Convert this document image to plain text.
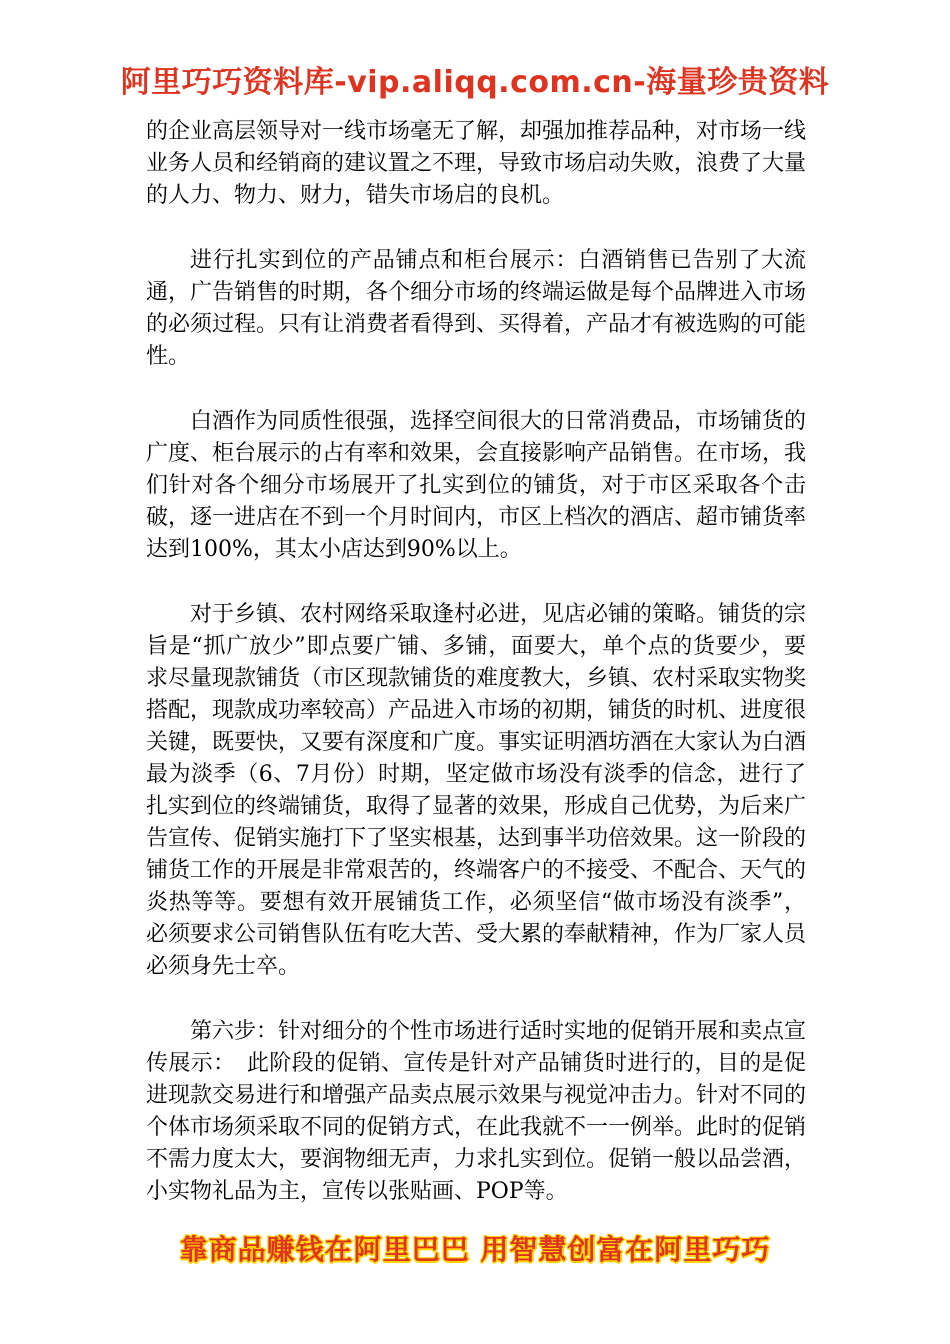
阿里巧巧资料库-vip.aliqq.com.cn-海量珍贵资料

的企业高层领导对一线市场毫无了解，却强加推荐品种，对市场一线业务人员和经销商的建议置之不理，导致市场启动失败，浪费了大量的人力、物力、财力，错失市场启的良机。

进行扎实到位的产品铺点和柜台展示：白酒销售已告别了大流通，广告销售的时期，各个细分市场的终端运做是每个品牌进入市场的必须过程。只有让消费者看得到、买得着，产品才有被选购的可能性。

白酒作为同质性很强，选择空间很大的日常消费品，市场铺货的广度、柜台展示的占有率和效果，会直接影响产品销售。在市场，我们针对各个细分市场展开了扎实到位的铺货，对于市区采取各个击破，逐一进店在不到一个月时间内，市区上档次的酒店、超市铺货率达到100%，其太小店达到90%以上。

对于乡镇、农村网络采取逢村必进，见店必铺的策略。铺货的宗旨是“抓广放少”即点要广铺、多铺，面要大，单个点的货要少，要求尽量现款铺货（市区现款铺货的难度教大，乡镇、农村采取实物奖搭配，现款成功率较高）产品进入市场的初期，铺货的时机、进度很关键，既要快，又要有深度和广度。事实证明酒坊酒在大家认为白酒最为淡季（6、7月份）时期，坚定做市场没有淡季的信念，进行了扎实到位的终端铺货，取得了显著的效果，形成自己优势，为后来广告宣传、促销实施打下了坚实根基，达到事半功倍效果。这一阶段的铺货工作的开展是非常艰苦的，终端客户的不接受、不配合、天气的炎热等等。要想有效开展铺货工作，必须坚信“做市场没有淡季”，必须要求公司销售队伍有吃大苦、受大累的奉献精神，作为厂家人员必须身先士卒。

第六步：针对细分的个性市场进行适时实地的促销开展和卖点宣传展示：　此阶段的促销、宣传是针对产品铺货时进行的，目的是促进现款交易进行和增强产品卖点展示效果与视觉冲击力。针对不同的个体市场须采取不同的促销方式，在此我就不一一例举。此时的促销不需力度太大，要润物细无声，力求扎实到位。促销一般以品尝酒，小实物礼品为主，宣传以张贴画、POP等。

靠商品赚钱在阿里巴巴 用智慧创富在阿里巧巧
